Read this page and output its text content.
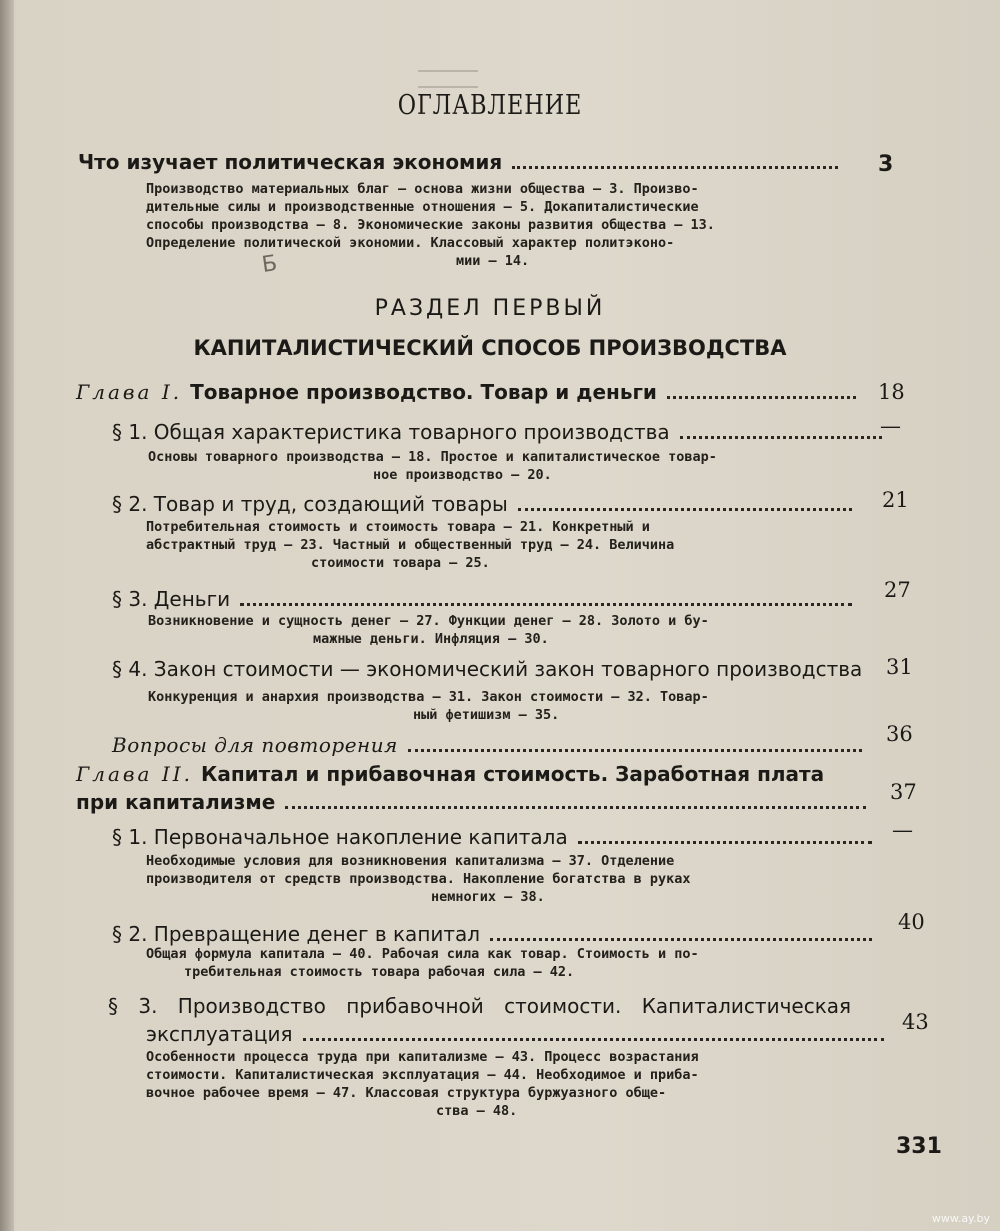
ОГЛАВЛЕНИЕ
Что изучает политическая экономия	3
Производство материальных благ — основа жизни общества — 3. Произво-
дительные силы и производственные отношения — 5. Докапиталистические
способы производства — 8. Экономические законы развития общества — 13.
Определение политической экономии. Классовый характер политэконо-
мии — 14.
Б
РАЗДЕЛ ПЕРВЫЙ
КАПИТАЛИСТИЧЕСКИЙ СПОСОБ ПРОИЗВОДСТВА
Глава I. Товарное производство. Товар и деньги	18
§ 1. Общая характеристика товарного производства	—
Основы товарного производства — 18. Простое и капиталистическое товар-
ное производство — 20.
§ 2. Товар и труд, создающий товары	21
Потребительная стоимость и стоимость товара — 21. Конкретный и
абстрактный труд — 23. Частный и общественный труд — 24. Величина
стоимости товара — 25.
§ 3. Деньги	27
Возникновение и сущность денег — 27. Функции денег — 28. Золото и бу-
мажные деньги. Инфляция — 30.
§ 4. Закон стоимости — экономический закон товарного производства 31
Конкуренция и анархия производства — 31. Закон стоимости — 32. Товар-
ный фетишизм — 35.
Вопросы для повторения	36
Глава II. Капитал и прибавочная стоимость. Заработная плата
при капитализме	37
§ 1. Первоначальное накопление капитала	—
Необходимые условия для возникновения капитализма — 37. Отделение
производителя от средств производства. Накопление богатства в руках
немногих — 38.
§ 2. Превращение денег в капитал	40
Общая формула капитала — 40. Рабочая сила как товар. Стоимость и по-
требительная стоимость товара рабочая сила — 42.
§ 3. Производство прибавочной стоимости. Капиталистическая
эксплуатация	43
Особенности процесса труда при капитализме — 43. Процесс возрастания
стоимости. Капиталистическая эксплуатация — 44. Необходимое и приба-
вочное рабочее время — 47. Классовая структура буржуазного обще-
ства — 48.
331
www.ay.by
